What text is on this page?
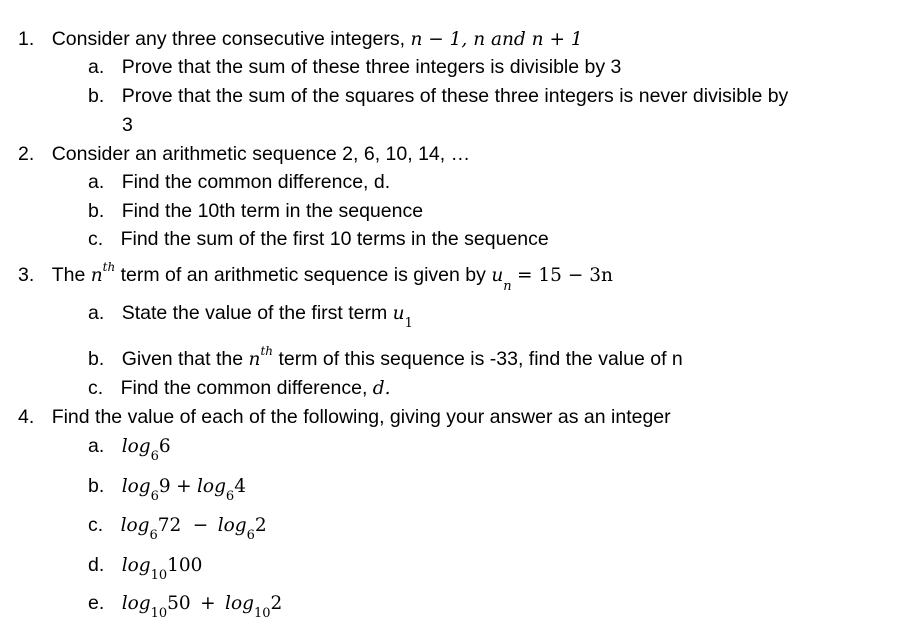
1. Consider any three consecutive integers, n − 1, n and n + 1
a. Prove that the sum of these three integers is divisible by 3
b. Prove that the sum of the squares of these three integers is never divisible by
3
2. Consider an arithmetic sequence 2, 6, 10, 14, …
a. Find the common difference, d.
b. Find the 10th term in the sequence
c. Find the sum of the first 10 terms in the sequence
3. The $n^{th}$ term of an arithmetic sequence is given by $u_n = 15 - 3n$
a. State the value of the first term $u_1$
b. Given that the $n^{th}$ term of this sequence is -33, find the value of n
c. Find the common difference, d.
4. Find the value of each of the following, giving your answer as an integer
a. $\log_66$
b. $\log_69 + \log_64$
c. $\log_672 - \log_62$
d. $\log_{10}100$
e. $\log_{10}50 + \log_{10}2$
